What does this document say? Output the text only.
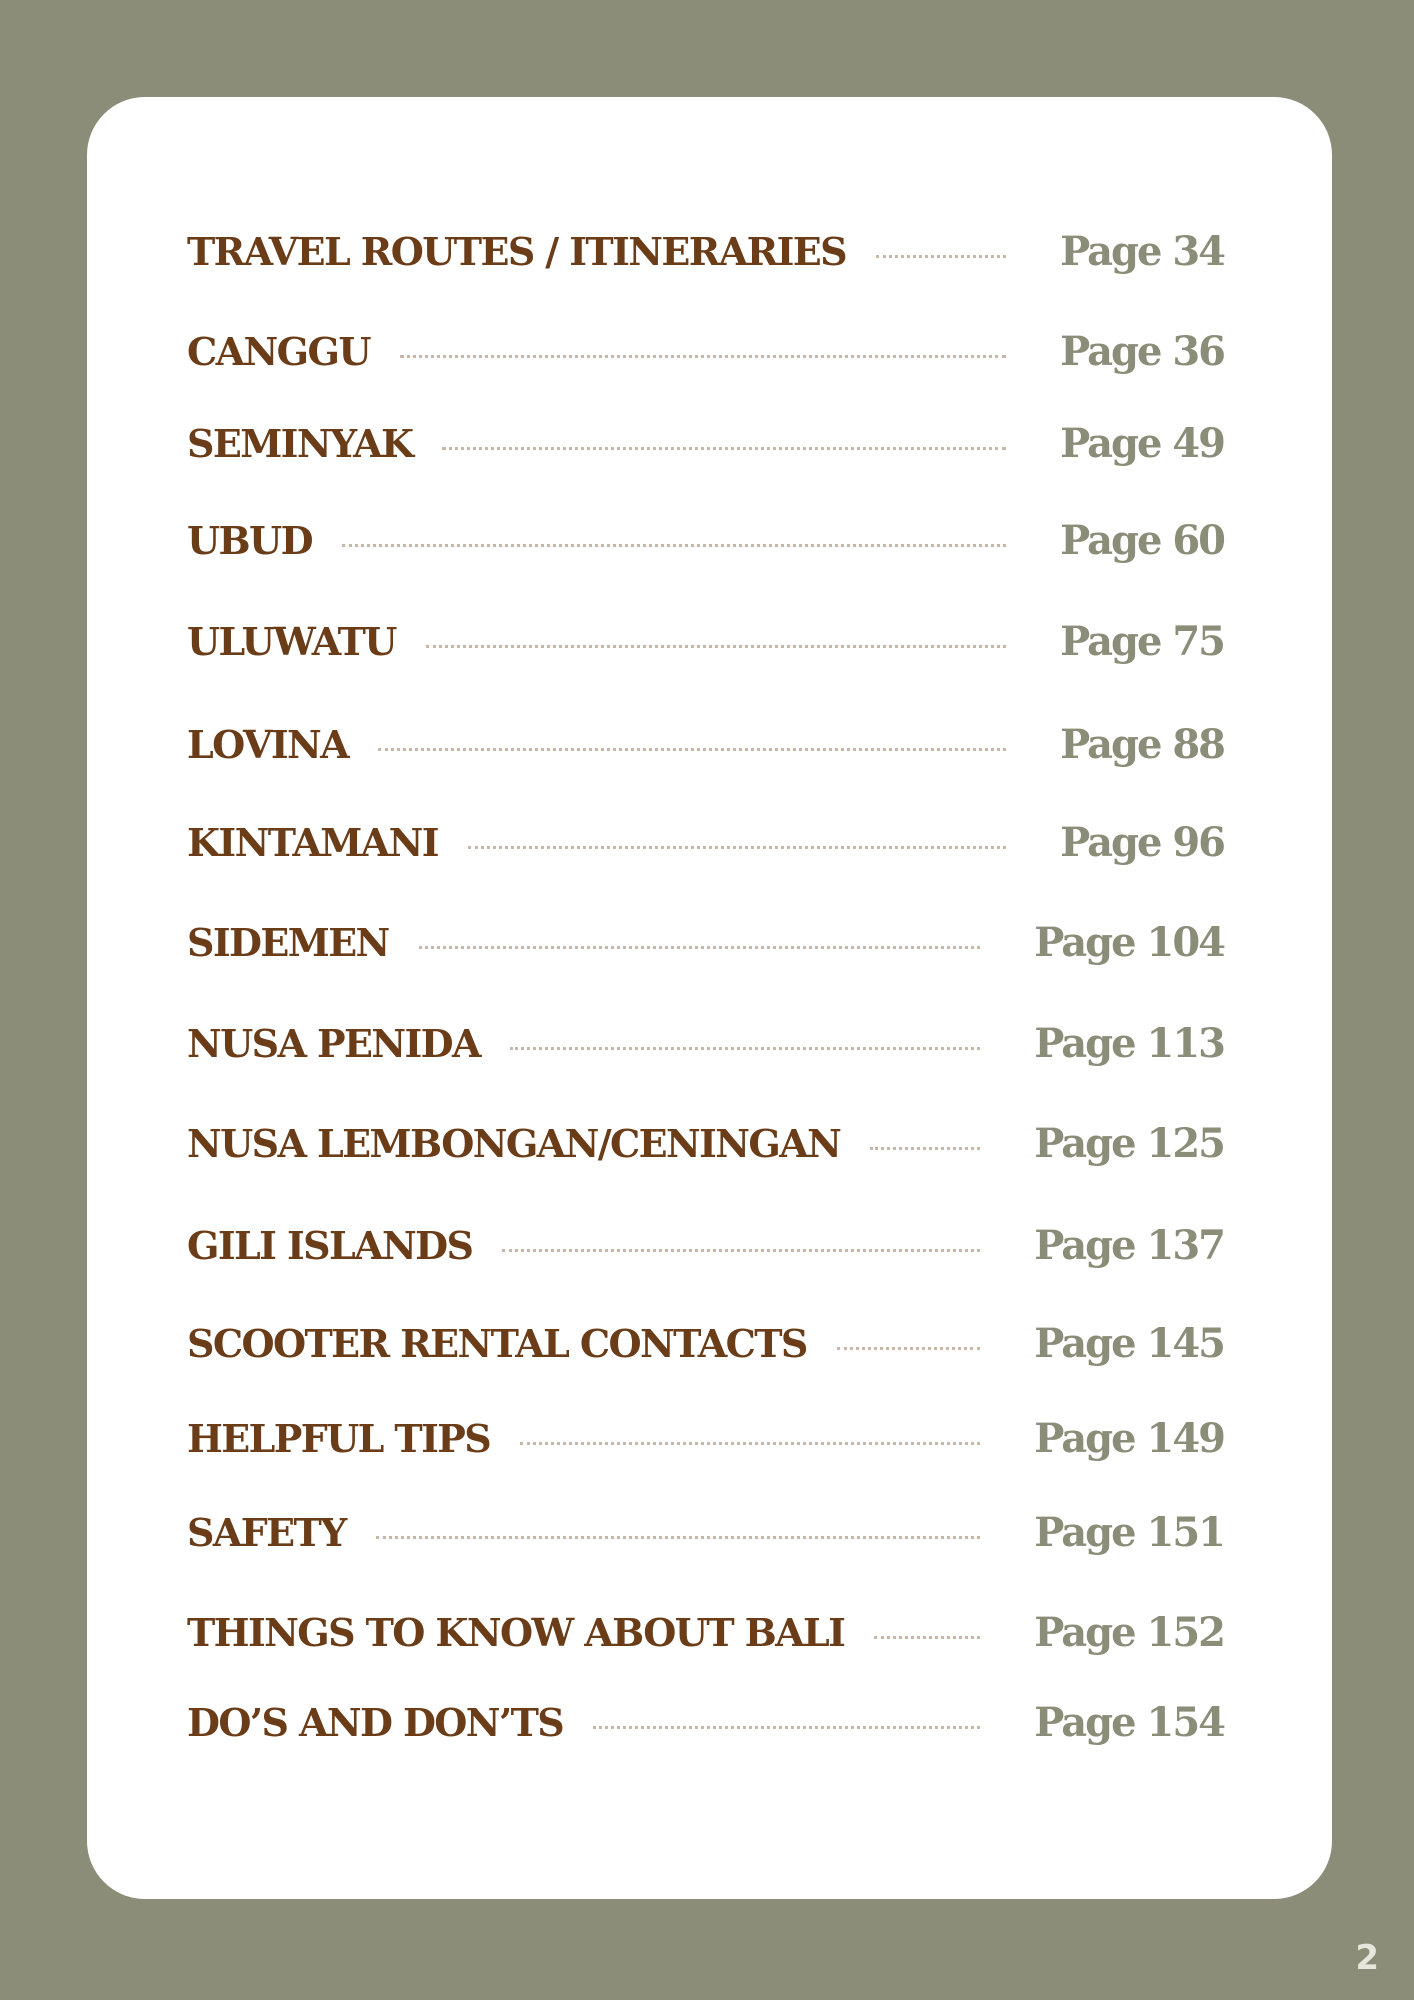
TRAVEL ROUTES / ITINERARIES	Page 34
CANGGU	Page 36
SEMINYAK	Page 49
UBUD	Page 60
ULUWATU	Page 75
LOVINA	Page 88
KINTAMANI	Page 96
SIDEMEN	Page 104
NUSA PENIDA	Page 113
NUSA LEMBONGAN/CENINGAN	Page 125
GILI ISLANDS	Page 137
SCOOTER RENTAL CONTACTS	Page 145
HELPFUL TIPS	Page 149
SAFETY	Page 151
THINGS TO KNOW ABOUT BALI	Page 152
DO’S AND DON’TS	Page 154
2
